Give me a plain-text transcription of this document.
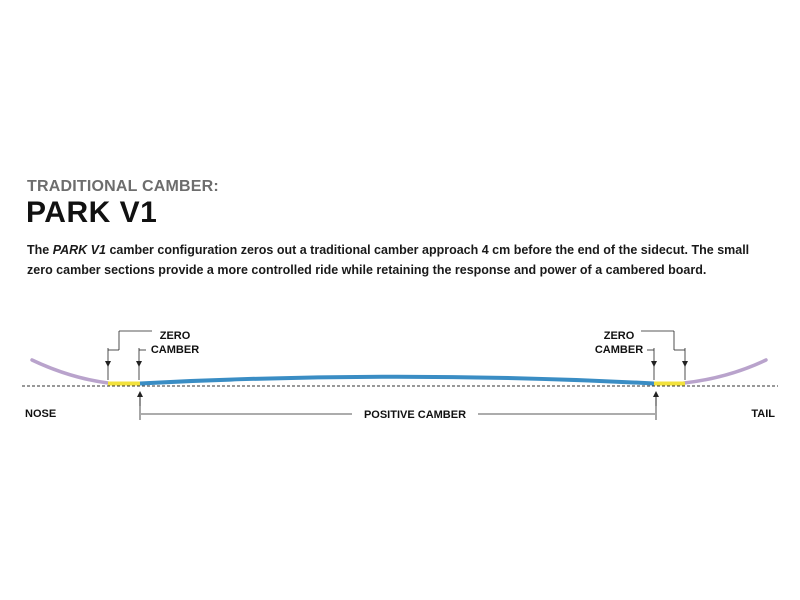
TRADITIONAL CAMBER:
PARK V1
The PARK V1 camber configuration zeros out a traditional camber approach 4 cm before the end of the sidecut. The small zero camber sections provide a more controlled ride while retaining the response and power of a cambered board.
ZERO
CAMBER
ZERO
CAMBER
POSITIVE CAMBER
NOSE	TAIL
